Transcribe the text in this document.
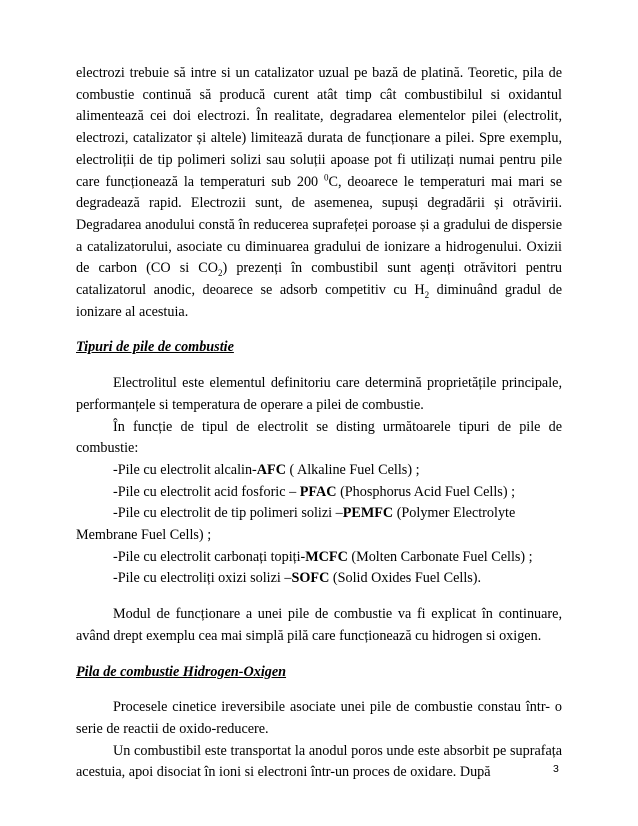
electrozi trebuie să intre si un catalizator uzual pe bază de platină. Teoretic, pila de combustie continuă să producă curent atât timp cât combustibilul si oxidantul alimentează cei doi electrozi. În realitate, degradarea elementelor pilei (electrolit, electrozi, catalizator și altele) limitează durata de funcționare a pilei. Spre exemplu, electroliții de tip polimeri solizi sau soluții apoase pot fi utilizați numai pentru pile care funcționează la temperaturi sub 200 $^0$C, deoarece le temperaturi mai mari se degradează rapid. Electrozii sunt, de asemenea, supuși degradării și otrăvirii. Degradarea anodului constă în reducerea suprafeței poroase și a gradului de dispersie a catalizatorului, asociate cu diminuarea gradului de ionizare a hidrogenului. Oxizii de carbon (CO si $CO_2$) prezenți în combustibil sunt agenți otrăvitori pentru catalizatorul anodic, deoarece se adsorb competitiv cu $H_2$ diminuând gradul de ionizare al acestuia.

Tipuri de pile de combustie

Electrolitul este elementul definitoriu care determină proprietățile principale, performanțele si temperatura de operare a pilei de combustie.

În funcție de tipul de electrolit se disting următoarele tipuri de pile de combustie:

-Pile cu electrolit alcalin-AFC ( Alkaline Fuel Cells) ;

-Pile cu electrolit acid fosforic – PFAC (Phosphorus Acid Fuel Cells) ;

-Pile cu electrolit de tip polimeri solizi –PEMFC (Polymer Electrolyte Membrane Fuel Cells) ;

-Pile cu electrolit carbonați topiți-MCFC (Molten Carbonate Fuel Cells) ;

-Pile cu electroliți oxizi solizi –SOFC (Solid Oxides Fuel Cells).

Modul de funcționare a unei pile de combustie va fi explicat în continuare, având drept exemplu cea mai simplă pilă care funcționează cu hidrogen si oxigen.

Pila de combustie Hidrogen-Oxigen

Procesele cinetice ireversibile asociate unei pile de combustie constau într- o serie de reactii de oxido-reducere.

Un combustibil este transportat la anodul poros unde este absorbit pe suprafața acestuia, apoi disociat în ioni si electroni într-un proces de oxidare. După	3
